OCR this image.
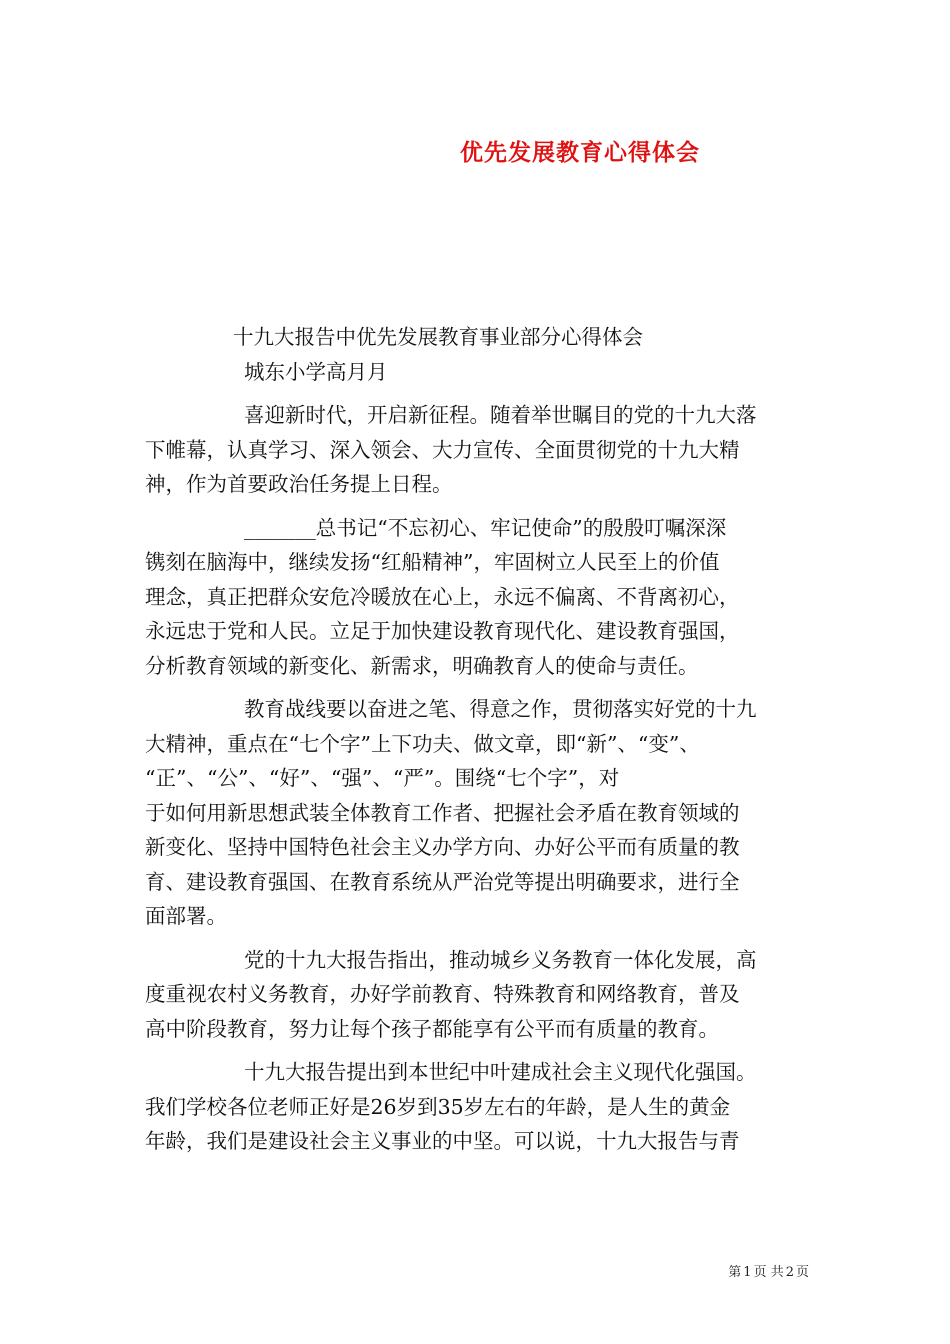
优先发展教育心得体会
十九大报告中优先发展教育事业部分心得体会
城东小学高月月
喜迎新时代，开启新征程。随着举世瞩目的党的十九大落
下帷幕，认真学习、深入领会、大力宣传、全面贯彻党的十九大精
神，作为首要政治任务提上日程。
_______总书记“不忘初心、牢记使命”的殷殷叮嘱深深
镌刻在脑海中，继续发扬“红船精神”，牢固树立人民至上的价值
理念，真正把群众安危冷暖放在心上，永远不偏离、不背离初心，
永远忠于党和人民。立足于加快建设教育现代化、建设教育强国，
分析教育领域的新变化、新需求，明确教育人的使命与责任。
教育战线要以奋进之笔、得意之作，贯彻落实好党的十九
大精神，重点在“七个字”上下功夫、做文章，即“新”、“变”、
“正”、“公”、“好”、“强”、“严”。围绕“七个字”，对
于如何用新思想武装全体教育工作者、把握社会矛盾在教育领域的
新变化、坚持中国特色社会主义办学方向、办好公平而有质量的教
育、建设教育强国、在教育系统从严治党等提出明确要求，进行全
面部署。
党的十九大报告指出，推动城乡义务教育一体化发展，高
度重视农村义务教育，办好学前教育、特殊教育和网络教育，普及
高中阶段教育，努力让每个孩子都能享有公平而有质量的教育。
十九大报告提出到本世纪中叶建成社会主义现代化强国。
我们学校各位老师正好是26岁到35岁左右的年龄，是人生的黄金
年龄，我们是建设社会主义事业的中坚。可以说，十九大报告与青
第 1 页 共 2 页
